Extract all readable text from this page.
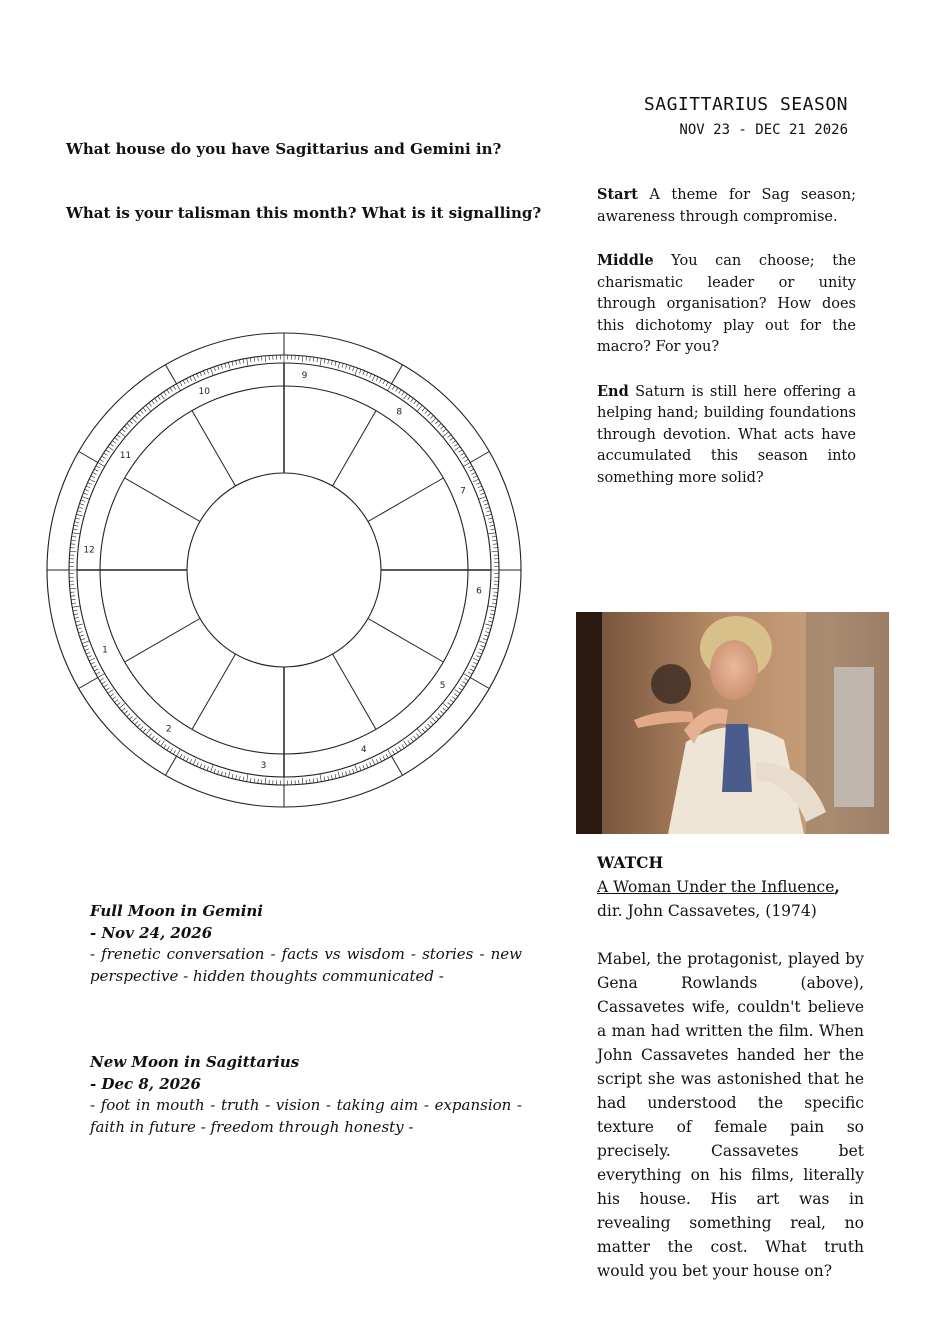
SAGITTARIUS SEASON
NOV 23 - DEC 21 2026
What house do you have Sagittarius and Gemini in?
What is your talisman this month? What is it signalling?

Start A theme for Sag season; awareness through compromise.

Middle You can choose; the charismatic leader or unity through organisation? How does this dichotomy play out for the macro? For you?

End Saturn is still here offering a helping hand; building foundations through devotion. What acts have accumulated this season into something more solid?

1
2
3
4
5
6
7
8
9
10
11
12

WATCH

A Woman Under the Influence,

dir. John Cassavetes, (1974)

Mabel, the protagonist, played by Gena Rowlands (above), Cassavetes wife, couldn't believe a man had written the film. When John Cassavetes handed her the script she was astonished that he had understood the specific texture of female pain so precisely. Cassavetes bet everything on his films, literally his house. His art was in revealing something real, no matter the cost. What truth would you bet your house on?

Full Moon in Gemini
- Nov 24, 2026
- frenetic conversation - facts vs wisdom - stories - new perspective - hidden thoughts communicated -
New Moon in Sagittarius
- Dec 8, 2026
- foot in mouth - truth - vision - taking aim - expansion - faith in future - freedom through honesty -
